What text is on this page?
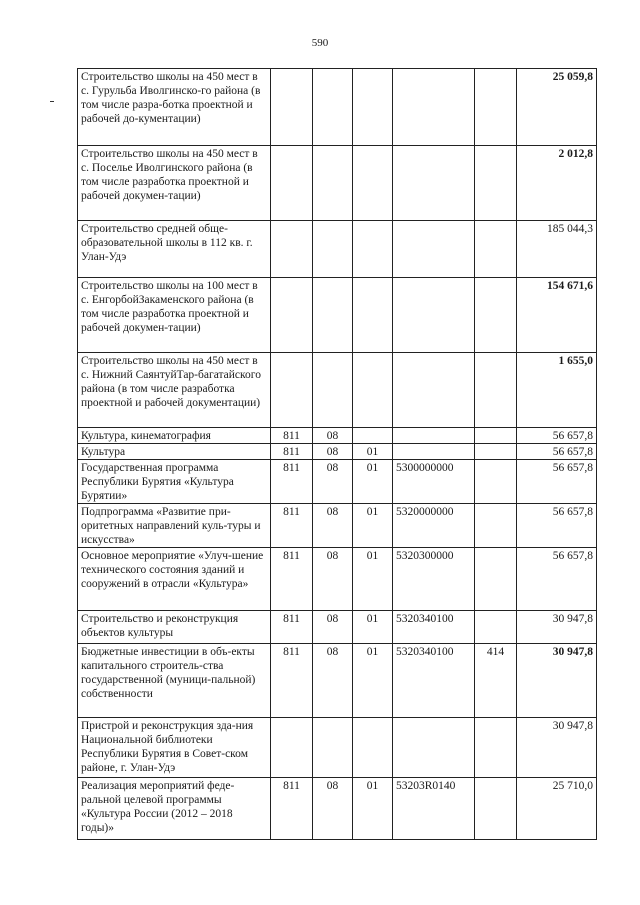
590
Строительство школы на 450 мест в с. Гурульба Иволгинско-го района (в том числе разра-ботка проектной и рабочей до-кументации)						25 059,8
Строительство школы на 450 мест в с. Поселье Иволгинского района (в том числе разработка проектной и рабочей докумен-тации)						2 012,8
Строительство средней обще-образовательной школы в 112 кв. г. Улан-Удэ						185 044,3
Строительство школы на 100 мест в с. ЕнгорбойЗакаменского района (в том числе разработка проектной и рабочей докумен-тации)						154 671,6
Строительство школы на 450 мест в с. Нижний СаянтуйТар-багатайского района (в том числе разработка проектной и рабочей документации)						1 655,0
Культура, кинематография	811	08				56 657,8
Культура	811	08	01			56 657,8
Государственная программа Республики Бурятия «Культура Бурятии»	811	08	01	5300000000		56 657,8
Подпрограмма «Развитие при-оритетных направлений куль-туры и искусства»	811	08	01	5320000000		56 657,8
Основное мероприятие «Улуч-шение технического состояния зданий и сооружений в отрасли «Культура»	811	08	01	5320300000		56 657,8
Строительство и реконструкция объектов культуры	811	08	01	5320340100		30 947,8
Бюджетные инвестиции в объ-екты капитального строитель-ства государственной (муници-пальной) собственности	811	08	01	5320340100	414	30 947,8
Пристрой и реконструкция зда-ния Национальной библиотеки Республики Бурятия в Совет-ском районе, г. Улан-Удэ						30 947,8
Реализация мероприятий феде-ральной целевой программы «Культура России (2012 – 2018 годы)»	811	08	01	53203R0140		25 710,0
